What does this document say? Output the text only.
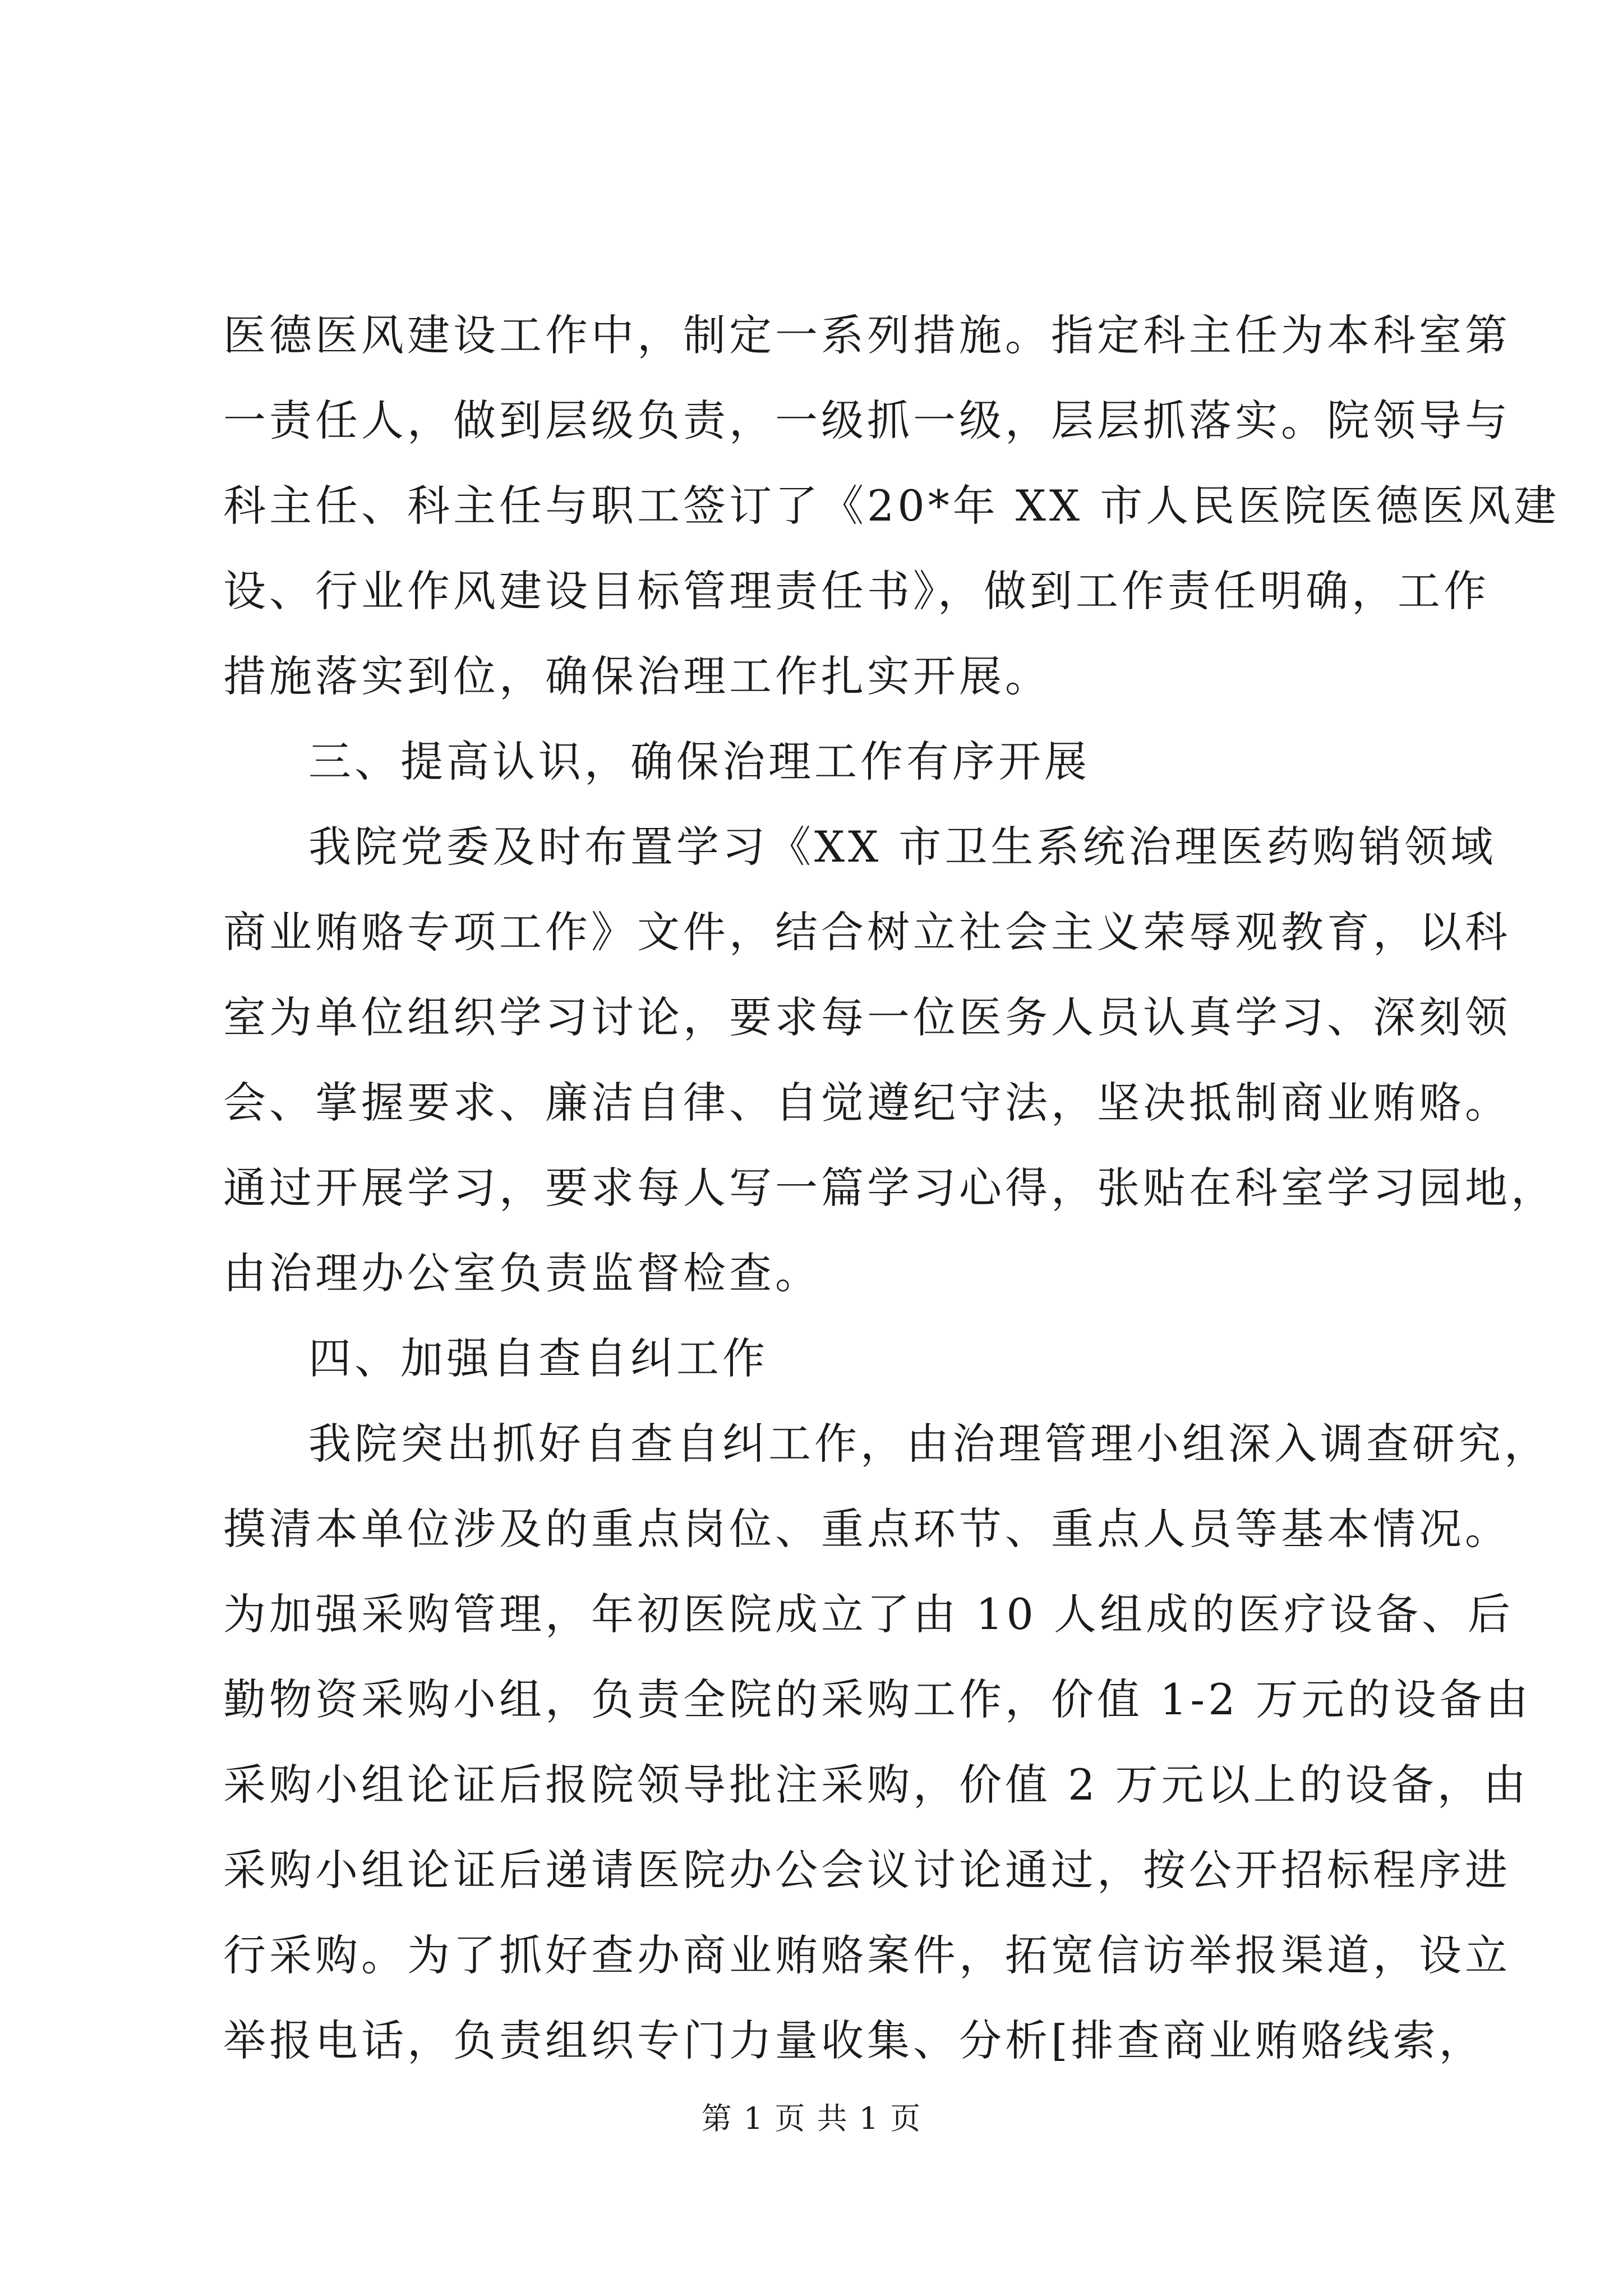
医德医风建设工作中，制定一系列措施。指定科主任为本科室第
一责任人，做到层级负责，一级抓一级，层层抓落实。院领导与
科主任、科主任与职工签订了《20*年 XX 市人民医院医德医风建
设、行业作风建设目标管理责任书》，做到工作责任明确，工作
措施落实到位，确保治理工作扎实开展。
三、提高认识，确保治理工作有序开展
我院党委及时布置学习《XX 市卫生系统治理医药购销领域
商业贿赂专项工作》文件，结合树立社会主义荣辱观教育，以科
室为单位组织学习讨论，要求每一位医务人员认真学习、深刻领
会、掌握要求、廉洁自律、自觉遵纪守法，坚决抵制商业贿赂。
通过开展学习，要求每人写一篇学习心得，张贴在科室学习园地，
由治理办公室负责监督检查。
四、加强自查自纠工作
我院突出抓好自查自纠工作，由治理管理小组深入调查研究，
摸清本单位涉及的重点岗位、重点环节、重点人员等基本情况。
为加强采购管理，年初医院成立了由 10 人组成的医疗设备、后
勤物资采购小组，负责全院的采购工作，价值 1-2 万元的设备由
采购小组论证后报院领导批注采购，价值 2 万元以上的设备，由
采购小组论证后递请医院办公会议讨论通过，按公开招标程序进
行采购。为了抓好查办商业贿赂案件，拓宽信访举报渠道，设立
举报电话，负责组织专门力量收集、分析[排查商业贿赂线索，
第 1 页 共 1 页
